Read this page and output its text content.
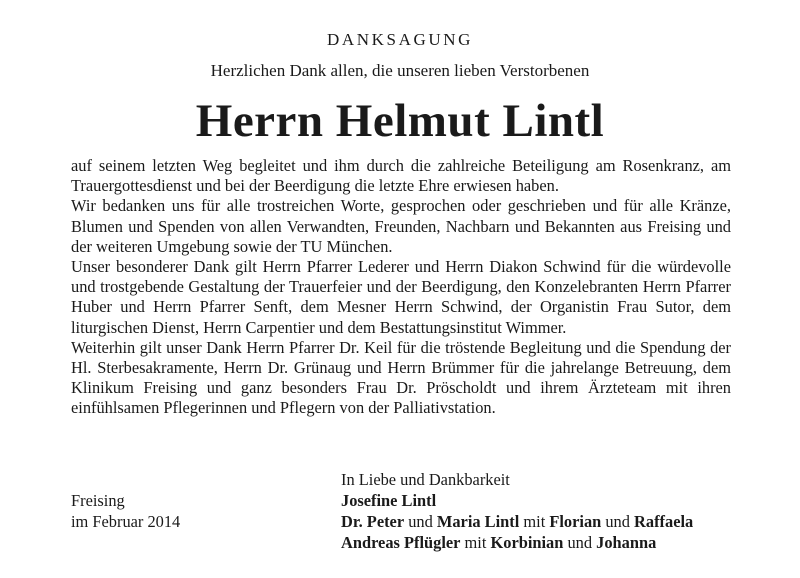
DANKSAGUNG
Herzlichen Dank allen, die unseren lieben Verstorbenen
Herrn Helmut Lintl

auf seinem letzten Weg begleitet und ihm durch die zahlreiche Beteiligung am Rosenkranz, am Trauergottesdienst und bei der Beerdigung die letzte Ehre erwiesen haben.

Wir bedanken uns für alle trostreichen Worte, gesprochen oder geschrieben und für alle Kränze, Blumen und Spenden von allen Verwandten, Freunden, Nachbarn und Bekannten aus Freising und der weiteren Umgebung sowie der TU München.

Unser besonderer Dank gilt Herrn Pfarrer Lederer und Herrn Diakon Schwind für die würdevolle und trostgebende Gestaltung der Trauerfeier und der Beerdigung, den Konzelebranten Herrn Pfarrer Huber und Herrn Pfarrer Senft, dem Mesner Herrn Schwind, der Organistin Frau Sutor, dem liturgischen Dienst, Herrn Carpentier und dem Bestattungsinstitut Wimmer.

Weiterhin gilt unser Dank Herrn Pfarrer Dr. Keil für die tröstende Begleitung und die Spendung der Hl. Sterbesakramente, Herrn Dr. Grünaug und Herrn Brümmer für die jahrelange Betreuung, dem Klinikum Freising und ganz besonders Frau Dr. Pröscholdt und ihrem Ärzteteam mit ihren einfühlsamen Pflegerinnen und Pflegern von der Palliativstation.

In Liebe und Dankbarkeit
Freising
im Februar 2014
Josefine Lintl
Dr. Peter und Maria Lintl mit Florian und Raffaela
Andreas Pflügler mit Korbinian und Johanna
